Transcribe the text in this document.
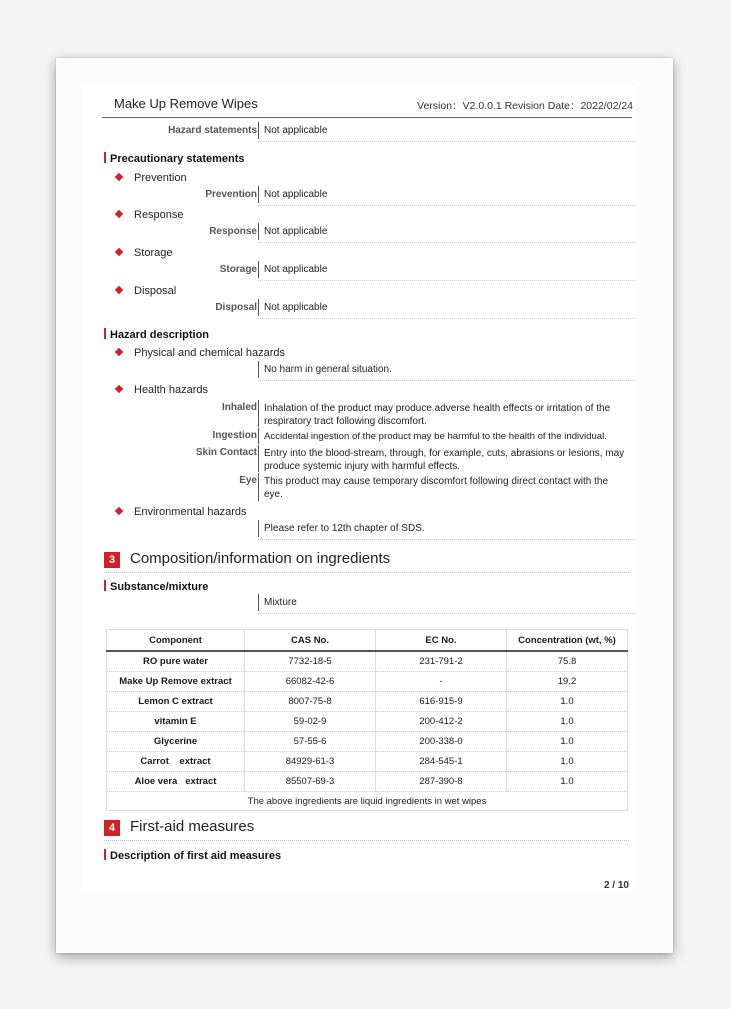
Make Up Remove Wipes	Version：V2.0.0.1 Revision Date：2022/02/24
Hazard statements Not applicable
Precautionary statements
Prevention
Prevention Not applicable
Response
Response Not applicable
Storage
Storage Not applicable
Disposal
Disposal Not applicable
Hazard description
Physical and chemical hazards
No harm in general situation.
Health hazards
Inhaled Inhalation of the product may produce adverse health effects or irritation of the respiratory tract following discomfort.
Ingestion Accidental ingestion of the product may be harmful to the health of the individual.
Skin Contact Entry into the blood-stream, through, for example, cuts, abrasions or lesions, may produce systemic injury with harmful effects.
Eye This product may cause temporary discomfort following direct contact with the eye.
Environmental hazards
Please refer to 12th chapter of SDS.
3 Composition/information on ingredients
Substance/mixture
Mixture
Component	CAS No.	EC No.	Concentration (wt, %)
RO pure water	7732-18-5	231-791-2	75.8
Make Up Remove extract	66082-42-6	-	19.2
Lemon C extract	8007-75-8	616-915-9	1.0
vitamin E	59-02-9	200-412-2	1.0
Glycerine	57-55-6	200-338-0	1.0
Carrot    extract	84929-61-3	284-545-1	1.0
Aloe vera   extract	85507-69-3	287-390-8	1.0
The above ingredients are liquid ingredients in wet wipes			
4 First-aid measures
Description of first aid measures
2 / 10
